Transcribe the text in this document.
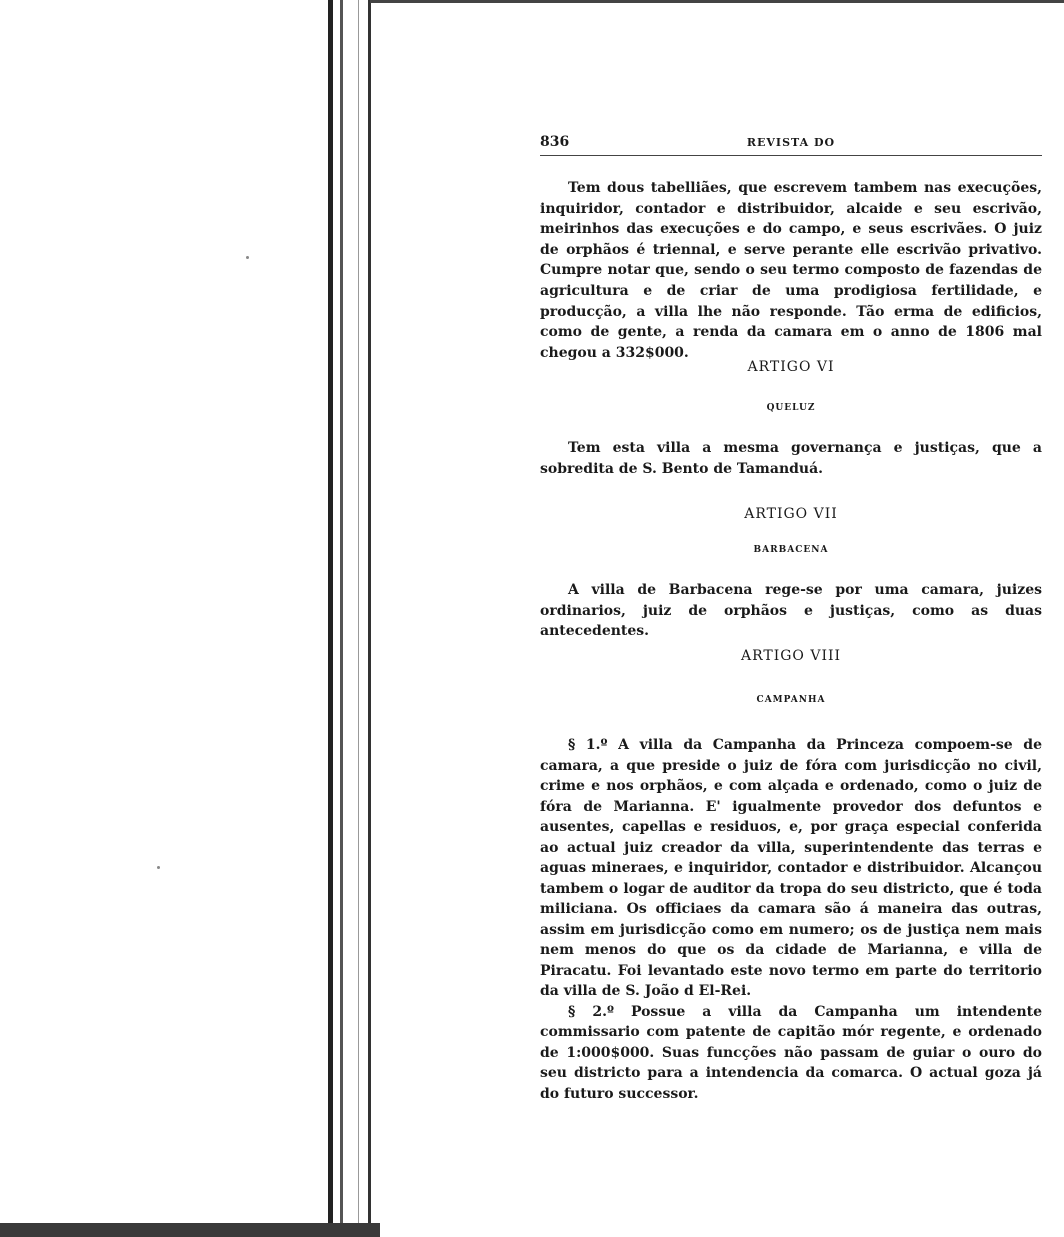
836	REVISTA DO

Tem dous tabelliães, que escrevem tambem nas execuções, inquiridor, contador e distribuidor, alcaide e seu escrivão, meirinhos das execuções e do campo, e seus escrivães. O juiz de orphãos é triennal, e serve perante elle escrivão privativo. Cumpre notar que, sendo o seu termo composto de fazendas de agricultura e de criar de uma prodigiosa fertilidade, e producção, a villa lhe não responde. Tão erma de edificios, como de gente, a renda da camara em o anno de 1806 mal chegou a 332$000.

ARTIGO VI
QUELUZ

Tem esta villa a mesma governança e justiças, que a sobredita de S. Bento de Tamanduá.

ARTIGO VII
BARBACENA

A villa de Barbacena rege-se por uma camara, juizes ordinarios, juiz de orphãos e justiças, como as duas antecedentes.

ARTIGO VIII
CAMPANHA

§ 1.º A villa da Campanha da Princeza compoem-se de camara, a que preside o juiz de fóra com jurisdicção no civil, crime e nos orphãos, e com alçada e ordenado, como o juiz de fóra de Marianna. E' igualmente provedor dos defuntos e ausentes, capellas e residuos, e, por graça especial conferida ao actual juiz creador da villa, superintendente das terras e aguas mineraes, e inquiridor, contador e distribuidor. Alcançou tambem o logar de auditor da tropa do seu districto, que é toda miliciana. Os officiaes da camara são á maneira das outras, assim em jurisdicção como em numero; os de justiça nem mais nem menos do que os da cidade de Marianna, e villa de Piracatu. Foi levantado este novo termo em parte do territorio da villa de S. João d El-Rei.

§ 2.º Possue a villa da Campanha um intendente commissario com patente de capitão mór regente, e ordenado de 1:000$000. Suas funcções não passam de guiar o ouro do seu districto para a intendencia da comarca. O actual goza já do futuro successor.
